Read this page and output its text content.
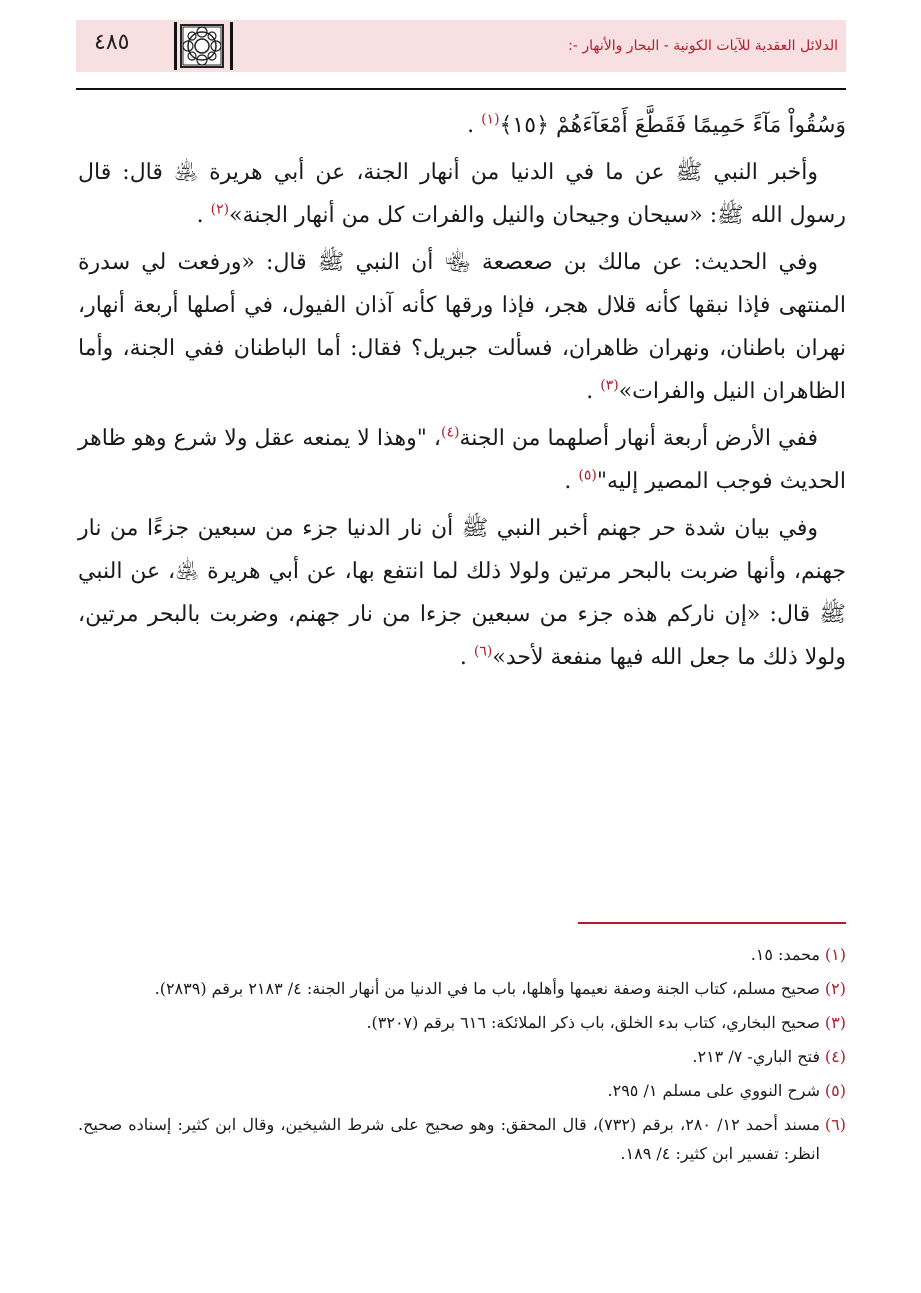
الدلائل العقدية للآيات الكونية - البحار والأنهار -:
٤٨٥

وَسُقُواْ مَآءً حَمِيمًا فَقَطَّعَ أَمْعَآءَهُمْ ﴿١٥﴾$^{(١)}$ .

وأخبر النبي ﷺ عن ما في الدنيا من أنهار الجنة، عن أبي هريرة ﵁ قال: قال رسول الله ﷺ: «سيحان وجيحان والنيل والفرات كل من أنهار الجنة»$^{(٢)}$ .

وفي الحديث: عن مالك بن صعصعة ﵄ أن النبي ﷺ قال: «ورفعت لي سدرة المنتهى فإذا نبقها كأنه قلال هجر، فإذا ورقها كأنه آذان الفيول، في أصلها أربعة أنهار، نهران باطنان، ونهران ظاهران، فسألت جبريل؟ فقال: أما الباطنان ففي الجنة، وأما الظاهران النيل والفرات»$^{(٣)}$ .

ففي الأرض أربعة أنهار أصلهما من الجنة$^{(٤)}$، "وهذا لا يمنعه عقل ولا شرع وهو ظاهر الحديث فوجب المصير إليه"$^{(٥)}$ .

وفي بيان شدة حر جهنم أخبر النبي ﷺ أن نار الدنيا جزء من سبعين جزءًا من نار جهنم، وأنها ضربت بالبحر مرتين ولولا ذلك لما انتفع بها، عن أبي هريرة ﵁، عن النبي ﷺ قال: «إن ناركم هذه جزء من سبعين جزءا من نار جهنم، وضربت بالبحر مرتين، ولولا ذلك ما جعل الله فيها منفعة لأحد»$^{(٦)}$ .

(١)
محمد: ١٥.
(٢)
صحيح مسلم، كتاب الجنة وصفة نعيمها وأهلها، باب ما في الدنيا من أنهار الجنة: ٤/ ٢١٨٣ برقم (٢٨٣٩).
(٣)
صحيح البخاري، كتاب بدء الخلق، باب ذكر الملائكة: ٦١٦ برقم (٣٢٠٧).
(٤)
فتح الباري- ٧/ ٢١٣.
(٥)
شرح النووي على مسلم ١/ ٢٩٥.
(٦)
مسند أحمد ١٢/ ٢٨٠، برقم (٧٣٢)، قال المحقق: وهو صحيح على شرط الشيخين، وقال ابن كثير: إسناده صحيح. انظر: تفسير ابن كثير: ٤/ ١٨٩.
